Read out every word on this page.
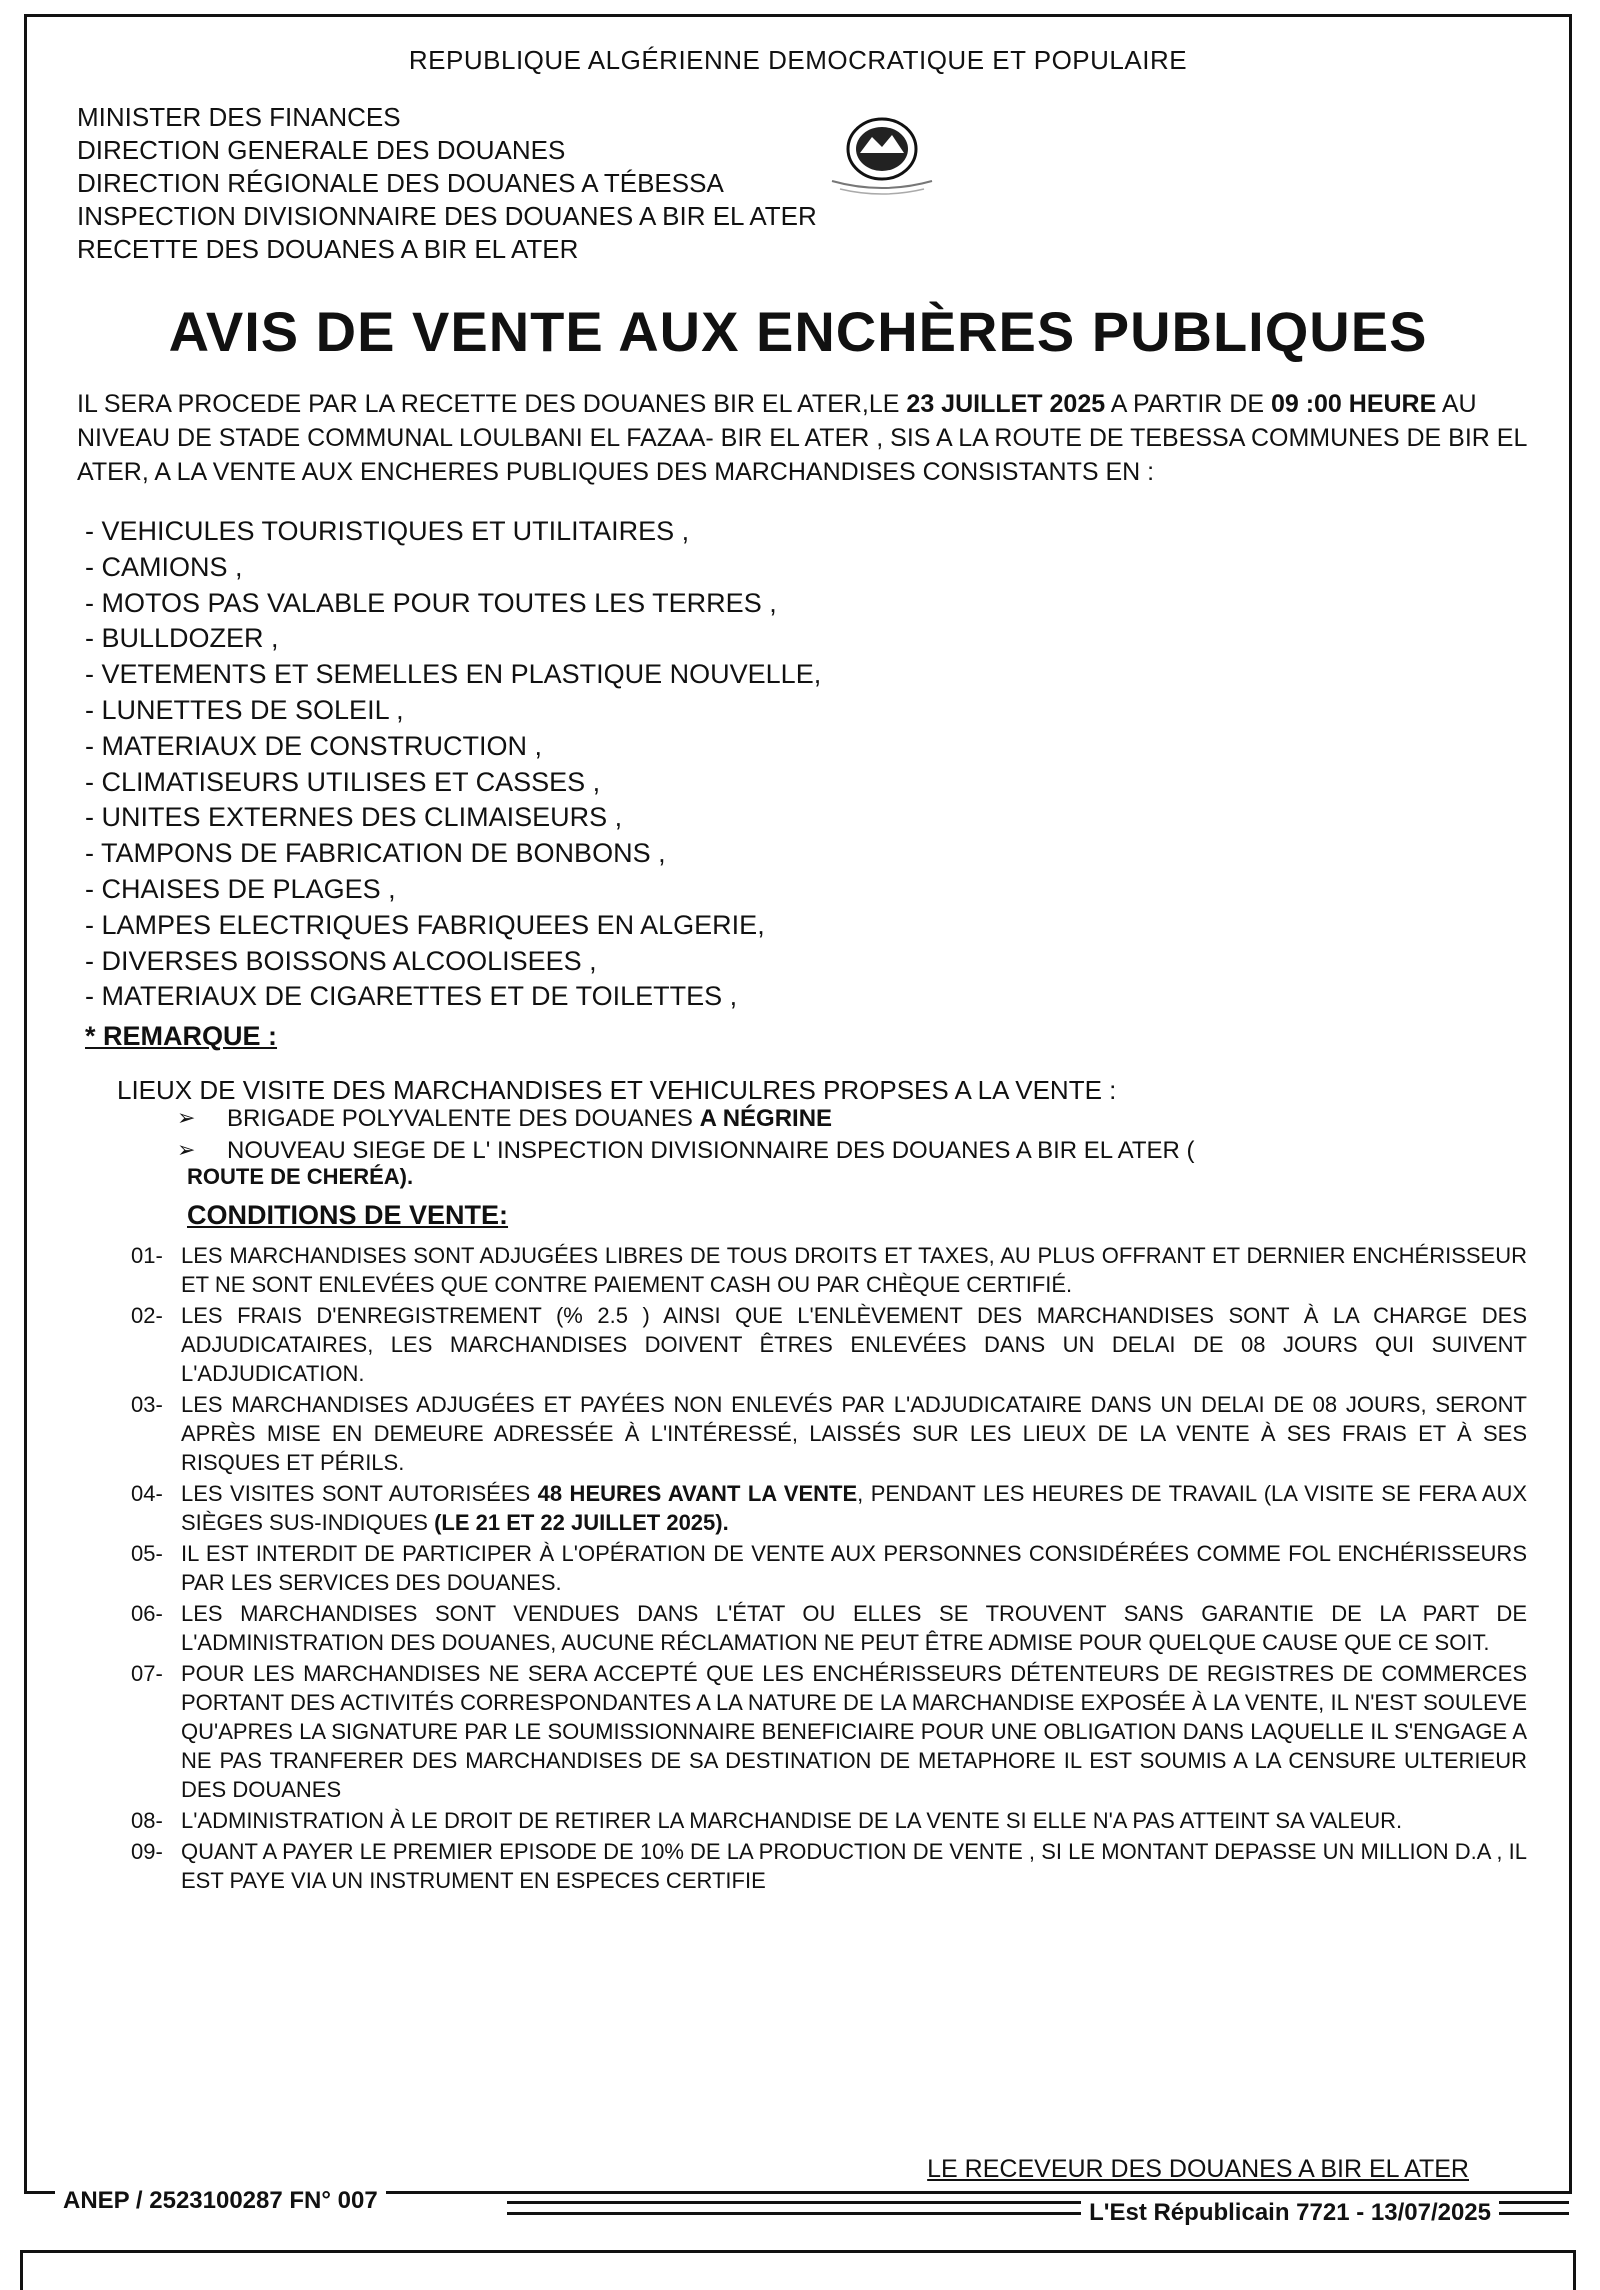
REPUBLIQUE ALGÉRIENNE DEMOCRATIQUE ET POPULAIRE
MINISTER DES FINANCES
DIRECTION GENERALE DES DOUANES
DIRECTION RÉGIONALE DES DOUANES A TÉBESSA
INSPECTION DIVISIONNAIRE DES DOUANES A BIR EL ATER
RECETTE DES DOUANES A BIR EL ATER
AVIS DE VENTE AUX ENCHÈRES PUBLIQUES
IL SERA PROCEDE PAR LA RECETTE DES DOUANES BIR EL ATER,LE 23 JUILLET 2025 A PARTIR DE 09 :00 HEURE AU NIVEAU DE STADE COMMUNAL LOULBANI EL FAZAA- BIR EL ATER , SIS A LA ROUTE DE TEBESSA COMMUNES DE BIR EL ATER, A LA VENTE AUX ENCHERES PUBLIQUES DES MARCHANDISES CONSISTANTS EN :
- VEHICULES TOURISTIQUES ET UTILITAIRES ,
- CAMIONS ,
- MOTOS PAS VALABLE POUR TOUTES LES TERRES ,
- BULLDOZER ,
- VETEMENTS ET SEMELLES EN PLASTIQUE NOUVELLE,
- LUNETTES DE SOLEIL ,
- MATERIAUX DE CONSTRUCTION ,
- CLIMATISEURS UTILISES ET CASSES ,
- UNITES EXTERNES DES CLIMAISEURS ,
- TAMPONS DE FABRICATION DE BONBONS ,
- CHAISES DE PLAGES ,
- LAMPES ELECTRIQUES FABRIQUEES EN ALGERIE,
- DIVERSES BOISSONS ALCOOLISEES ,
- MATERIAUX DE CIGARETTES ET DE TOILETTES ,
* REMARQUE :
LIEUX DE VISITE DES MARCHANDISES ET VEHICULRES PROPSES A LA VENTE :
➢ BRIGADE POLYVALENTE DES DOUANES A NÉGRINE
➢ NOUVEAU SIEGE DE L' INSPECTION DIVISIONNAIRE DES DOUANES A BIR EL ATER (
ROUTE DE CHERÉA).
CONDITIONS DE VENTE:
01- LES MARCHANDISES SONT ADJUGÉES LIBRES DE TOUS DROITS ET TAXES, AU PLUS OFFRANT ET DERNIER ENCHÉRISSEUR ET NE SONT ENLEVÉES QUE CONTRE PAIEMENT CASH OU PAR CHÈQUE CERTIFIÉ.
02- LES FRAIS D'ENREGISTREMENT (% 2.5 ) AINSI QUE L'ENLÈVEMENT DES MARCHANDISES SONT À LA CHARGE DES ADJUDICATAIRES, LES MARCHANDISES DOIVENT ÊTRES ENLEVÉES DANS UN DELAI DE 08 JOURS QUI SUIVENT L'ADJUDICATION.
03- LES MARCHANDISES ADJUGÉES ET PAYÉES NON ENLEVÉS PAR L'ADJUDICATAIRE DANS UN DELAI DE 08 JOURS, SERONT APRÈS MISE EN DEMEURE ADRESSÉE À L'INTÉRESSÉ, LAISSÉS SUR LES LIEUX DE LA VENTE À SES FRAIS ET À SES RISQUES ET PÉRILS.
04- LES VISITES SONT AUTORISÉES 48 HEURES AVANT LA VENTE, PENDANT LES HEURES DE TRAVAIL (LA VISITE SE FERA AUX SIÈGES SUS-INDIQUES (LE 21 ET 22 JUILLET 2025).
05- IL EST INTERDIT DE PARTICIPER À L'OPÉRATION DE VENTE AUX PERSONNES CONSIDÉRÉES COMME FOL ENCHÉRISSEURS PAR LES SERVICES DES DOUANES.
06- LES MARCHANDISES SONT VENDUES DANS L'ÉTAT OU ELLES SE TROUVENT SANS GARANTIE DE LA PART DE L'ADMINISTRATION DES DOUANES, AUCUNE RÉCLAMATION NE PEUT ÊTRE ADMISE POUR QUELQUE CAUSE QUE CE SOIT.
07- POUR LES MARCHANDISES NE SERA ACCEPTÉ QUE LES ENCHÉRISSEURS DÉTENTEURS DE REGISTRES DE COMMERCES PORTANT DES ACTIVITÉS CORRESPONDANTES A LA NATURE DE LA MARCHANDISE EXPOSÉE À LA VENTE, IL N'EST SOULEVE QU'APRES LA SIGNATURE PAR LE SOUMISSIONNAIRE BENEFICIAIRE POUR UNE OBLIGATION DANS LAQUELLE IL S'ENGAGE A NE PAS TRANFERER DES MARCHANDISES DE SA DESTINATION DE METAPHORE IL EST SOUMIS A LA CENSURE ULTERIEUR DES DOUANES
08- L'ADMINISTRATION À LE DROIT DE RETIRER LA MARCHANDISE DE LA VENTE SI ELLE N'A PAS ATTEINT SA VALEUR.
09- QUANT A PAYER LE PREMIER EPISODE DE 10% DE LA PRODUCTION DE VENTE , SI LE MONTANT DEPASSE UN MILLION D.A , IL EST PAYE VIA UN INSTRUMENT EN ESPECES CERTIFIE
LE RECEVEUR DES DOUANES A BIR EL ATER
ANEP / 2523100287 FN° 007	L'Est Républicain 7721 - 13/07/2025
